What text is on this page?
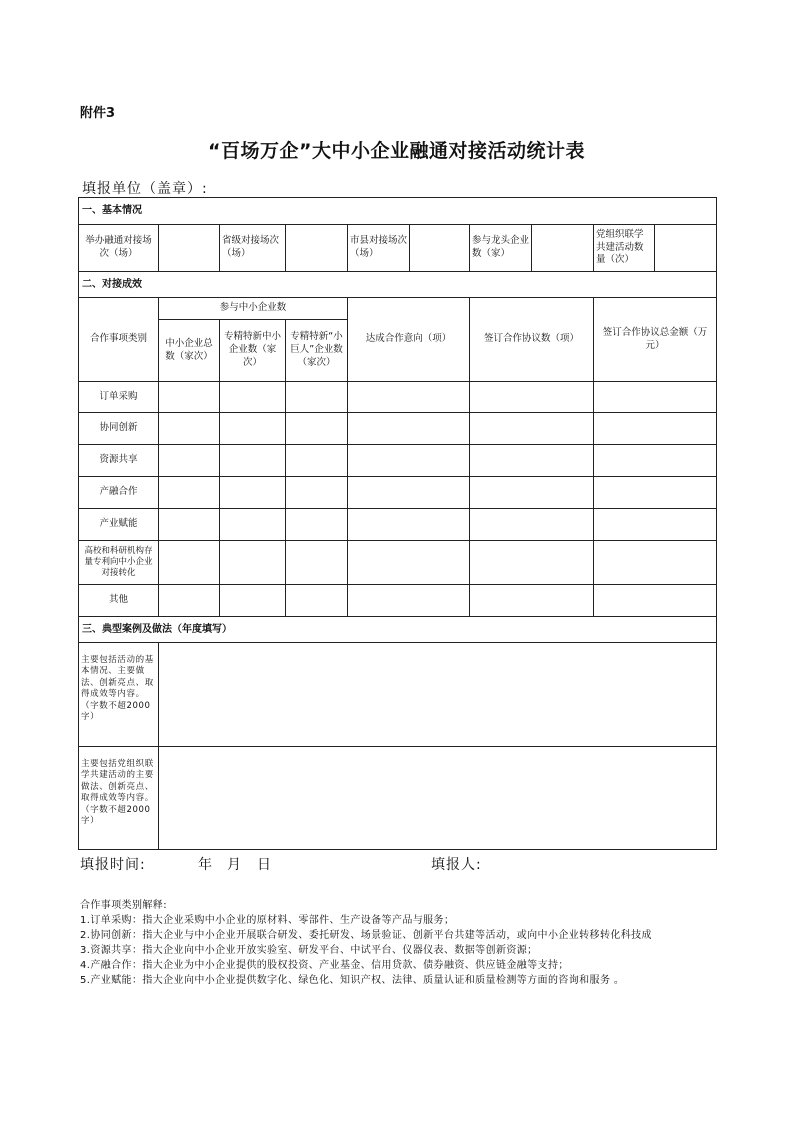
附件3
“百场万企”大中小企业融通对接活动统计表
填报单位（盖章）:
一、基本情况									
举办融通对接场次（场）		省级对接场次（场）		市县对接场次（场）		参与龙头企业数（家）		党组织联学共建活动数量（次）	
二、对接成效									
合作事项类别	参与中小企业数			达成合作意向（项）		签订合作协议数（项）		签订合作协议总金额（万元）	
	中小企业总数（家次）	专精特新中小企业数（家次）	专精特新“小巨人”企业数（家次）						
订单采购									
协同创新									
资源共享									
产融合作									
产业赋能									
高校和科研机构存量专利向中小企业对接转化									
其他									
三、典型案例及做法（年度填写）									
主要包括活动的基本情况、主要做法、创新亮点、取得成效等内容。（字数不超2000字）									
主要包括党组织联学共建活动的主要做法、创新亮点、取得成效等内容。（字数不超2000字）									
填报时间:	年 月 日	填报人:
合作事项类别解释:
1.订单采购：指大企业采购中小企业的原材料、零部件、生产设备等产品与服务；
2.协同创新：指大企业与中小企业开展联合研发、委托研发、场景验证、创新平台共建等活动，或向中小企业转移转化科技成
3.资源共享：指大企业向中小企业开放实验室、研发平台、中试平台、仪器仪表、数据等创新资源；
4.产融合作：指大企业为中小企业提供的股权投资、产业基金、信用贷款、债券融资、供应链金融等支持；
5.产业赋能：指大企业向中小企业提供数字化、绿色化、知识产权、法律、质量认证和质量检测等方面的咨询和服务 。
